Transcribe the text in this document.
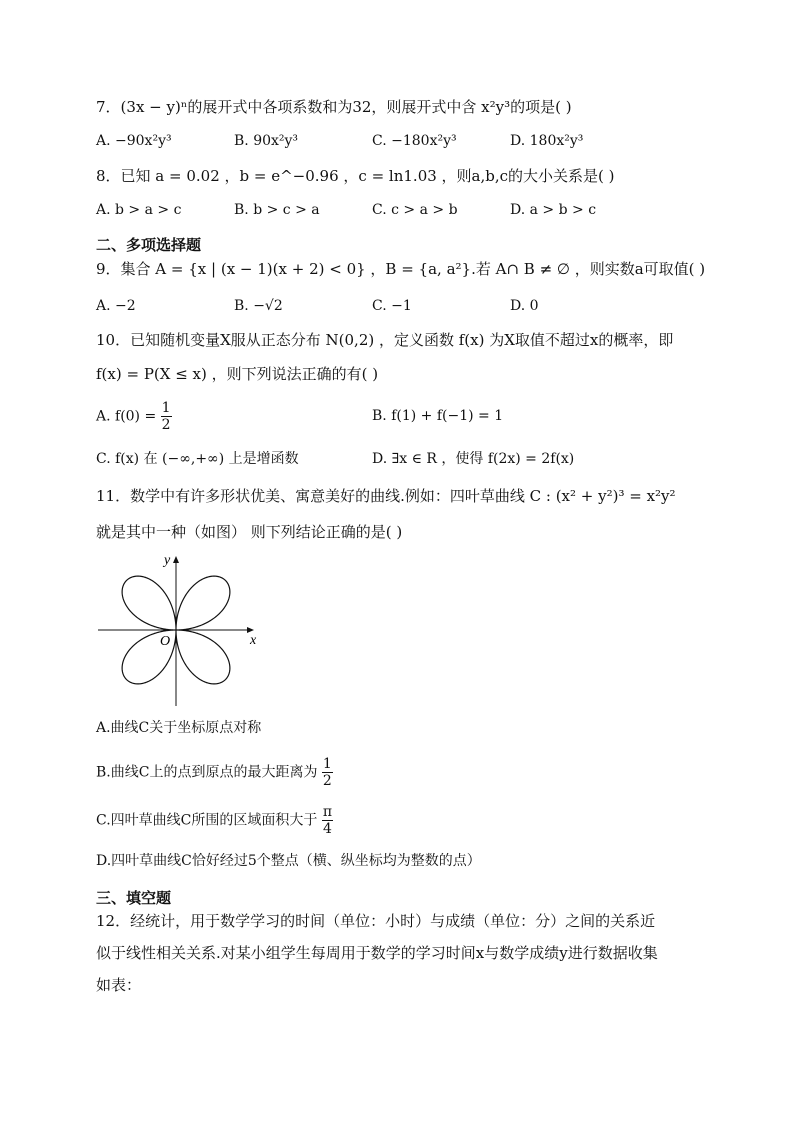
7．(3x − y)ⁿ的展开式中各项系数和为32，则展开式中含 x²y³的项是( )
A. −90x²y³	B. 90x²y³	C. −180x²y³	D. 180x²y³
8．已知 a = 0.02 ，b = e^−0.96 ，c = ln1.03 ，则a,b,c的大小关系是( )
A. b > a > c	B. b > c > a	C. c > a > b	D. a > b > c
二、多项选择题
9．集合 A = {x | (x − 1)(x + 2) < 0} ，B = {a, a²}.若 A∩ B ≠ ∅ ，则实数a可取值( )
A. −2	B. −√2	C. −1	D. 0
10．已知随机变量X服从正态分布 N(0,2) ，定义函数 f(x) 为X取值不超过x的概率，即
f(x) = P(X ≤ x) ，则下列说法正确的有( )
A. $f(0) = \frac{1}{2}$	B. f(1) + f(−1) = 1
C. f(x) 在 (−∞,+∞) 上是增函数	D. ∃x ∈ R ，使得 f(2x) = 2f(x)
11．数学中有许多形状优美、寓意美好的曲线.例如：四叶草曲线 C : (x² + y²)³ = x²y²
就是其中一种（如图） 则下列结论正确的是( )
y
x
O
A.曲线C关于坐标原点对称
B.曲线C上的点到原点的最大距离为 $\frac{1}{2}$
C.四叶草曲线C所围的区域面积大于 $\frac{\pi}{4}$
D.四叶草曲线C恰好经过5个整点（横、纵坐标均为整数的点）
三、填空题
12．经统计，用于数学学习的时间（单位：小时）与成绩（单位：分）之间的关系近
似于线性相关关系.对某小组学生每周用于数学的学习时间x与数学成绩y进行数据收集
如表：
